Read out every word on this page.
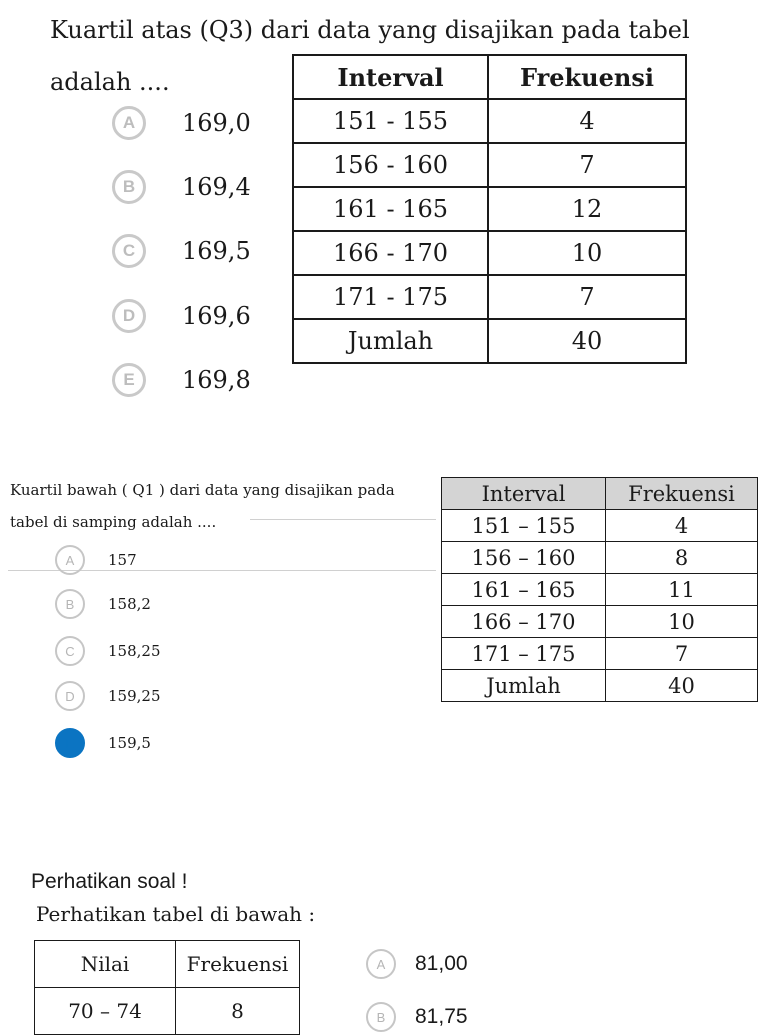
Kuartil atas (Q3) dari data yang disajikan pada tabel adalah ....
A	169,0
B	169,4
C	169,5
D	169,6
E	169,8
Interval	Frekuensi
151 - 155	4
156 - 160	7
161 - 165	12
166 - 170	10
171 - 175	7
Jumlah	40
Kuartil bawah ( Q1 ) dari data yang disajikan pada tabel di samping adalah ....
A	157
B	158,2
C	158,25
D	159,25
E	159,5
Interval	Frekuensi
151 – 155	4
156 – 160	8
161 – 165	11
166 – 170	10
171 – 175	7
Jumlah	40
Perhatikan soal !
Perhatikan tabel di bawah :
Nilai	Frekuensi
70 – 74	8
A	81,00
B	81,75
